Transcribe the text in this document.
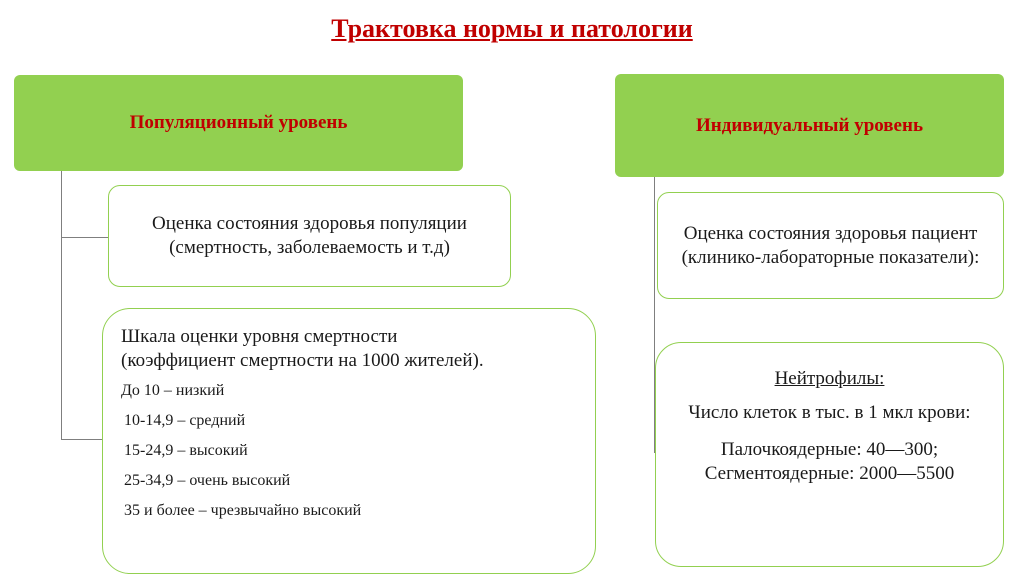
Трактовка нормы и патологии
Популяционный уровень
Оценка состояния здоровья популяции (смертность, заболеваемость и т.д)
Шкала оценки уровня смертности (коэффициент смертности на 1000 жителей).
До 10 – низкий
10-14,9 – средний
15-24,9 – высокий
25-34,9 – очень высокий
35 и более – чрезвычайно высокий
Индивидуальный уровень
Оценка состояния здоровья пациент (клинико-лабораторные показатели):
Нейтрофилы:
Число клеток в тыс. в 1 мкл крови:
Палочкоядерные: 40—300; Сегментоядерные: 2000—5500
